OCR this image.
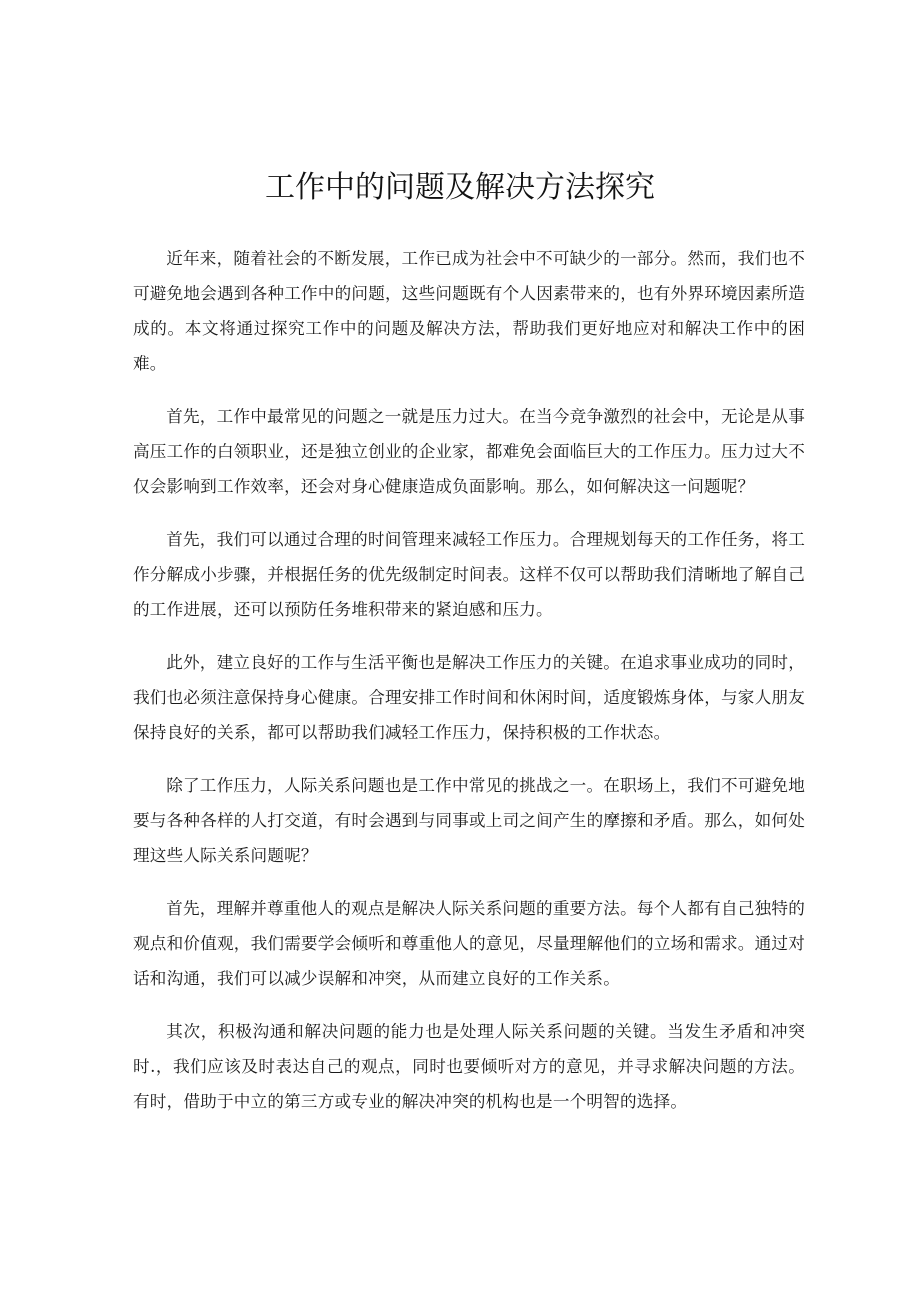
工作中的问题及解决方法探究

近年来，随着社会的不断发展，工作已成为社会中不可缺少的一部分。然而，我们也不可避免地会遇到各种工作中的问题，这些问题既有个人因素带来的，也有外界环境因素所造成的。本文将通过探究工作中的问题及解决方法，帮助我们更好地应对和解决工作中的困难。

首先，工作中最常见的问题之一就是压力过大。在当今竞争激烈的社会中，无论是从事高压工作的白领职业，还是独立创业的企业家，都难免会面临巨大的工作压力。压力过大不仅会影响到工作效率，还会对身心健康造成负面影响。那么，如何解决这一问题呢？

首先，我们可以通过合理的时间管理来减轻工作压力。合理规划每天的工作任务，将工作分解成小步骤，并根据任务的优先级制定时间表。这样不仅可以帮助我们清晰地了解自己的工作进展，还可以预防任务堆积带来的紧迫感和压力。

此外，建立良好的工作与生活平衡也是解决工作压力的关键。在追求事业成功的同时，我们也必须注意保持身心健康。合理安排工作时间和休闲时间，适度锻炼身体，与家人朋友保持良好的关系，都可以帮助我们减轻工作压力，保持积极的工作状态。

除了工作压力，人际关系问题也是工作中常见的挑战之一。在职场上，我们不可避免地要与各种各样的人打交道，有时会遇到与同事或上司之间产生的摩擦和矛盾。那么，如何处理这些人际关系问题呢？

首先，理解并尊重他人的观点是解决人际关系问题的重要方法。每个人都有自己独特的观点和价值观，我们需要学会倾听和尊重他人的意见，尽量理解他们的立场和需求。通过对话和沟通，我们可以减少误解和冲突，从而建立良好的工作关系。

其次，积极沟通和解决问题的能力也是处理人际关系问题的关键。当发生矛盾和冲突时.，我们应该及时表达自己的观点，同时也要倾听对方的意见，并寻求解决问题的方法。有时，借助于中立的第三方或专业的解决冲突的机构也是一个明智的选择。
